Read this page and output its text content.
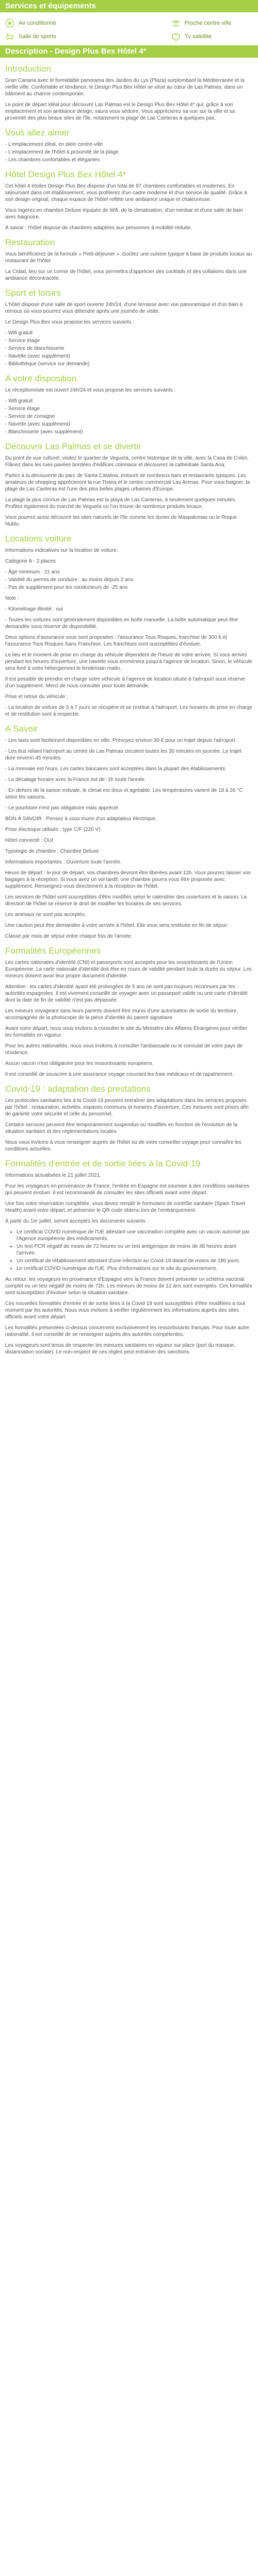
Services et équipements
Air conditionné	Proche centre ville
Salle de sports	Tv satellite
Description - Design Plus Bex Hôtel 4*
Introduction

Gran Canaria avec le formidable panorama des Jardins du Lys (Plaza) surplombant la Méditerranée et la vieille ville. Confortable et tendance, le Design Plus Bex Hôtel se situe au cœur de Las Palmas, dans un bâtiment au charme contemporain.

Le point de départ idéal pour découvrir Las Palmas est le Design Plus Bex Hôtel 4* qui, grâce à son emplacement et son ambiance design, saura vous séduire. Vous apprécierez sa vue sur la ville et sa proximité des plus beaux sites de l'île, notamment la plage de Las Canteras à quelques pas.

Vous allez aimer
- L'emplacement idéal, en plein centre-ville
- L'emplacement de l'hôtel à proximité de la plage
- Les chambres confortables et élégantes
Hôtel Design Plus Bex Hôtel 4*

Cet hôtel 4 étoiles Design Plus Bex dispose d'un total de 97 chambres confortables et modernes. En séjournant dans cet établissement, vous profiterez d'un cadre moderne et d'un service de qualité. Grâce à son design original, chaque espace de l'hôtel reflète une ambiance unique et chaleureuse.

Vous logerez en chambre Deluxe équipée de Wifi, de la climatisation, d'un minibar et d'une salle de bain avec baignoire.

À savoir : l'hôtel dispose de chambres adaptées aux personnes à mobilité réduite.

Restauration

Vous bénéficierez de la formule « Petit-déjeuner ». Goûtez une cuisine typique à base de produits locaux au restaurant de l'hôtel.

La Cidad, lieu sur un corner de l'hôtel, vous permettra d'apprécier des cocktails et des collations dans une ambiance décontractée.

Sport et loisirs

L'hôtel dispose d'une salle de sport ouverte 24h/24, d'une terrasse avec vue panoramique et d'un bain à remous où vous pourrez vous détendre après une journée de visite.

Le Design Plus Bex vous propose les services suivants :

- Wifi gratuit
- Service étage
- Service de blanchisserie
- Navette (avec supplément)
- Bibliothèque (service sur demande)
A votre disposition

Le réceptionniste est ouvert 24h/24 et vous propose les services suivants :

- Wifi gratuit
- Service étage
- Service de consigne
- Navette (avec supplément)
- Blanchisserie (avec supplément)
Découvrir Las Palmas et se divertir

Du point de vue culturel, visitez le quartier de Vegueta, centre historique de la ville, avec la Casa de Colón. Flânez dans les rues pavées bordées d'édifices coloniaux et découvrez la cathédrale Santa Ana.

Partez à la découverte du parc de Santa Catalina, entouré de nombreux bars et restaurants typiques. Les amateurs de shopping apprécieront la rue Triana et le centre commercial Las Arenas. Pour vous baigner, la plage de Las Canteras est l'une des plus belles plages urbaines d'Europe.

La plage la plus connue de Las Palmas est la playa de Las Canteras, à seulement quelques minutes. Profitez également du marché de Vegueta où l'on trouve de nombreux produits locaux.

Vous pourrez aussi découvrir les sites naturels de l'île comme les dunes de Maspalomas ou le Roque Nublo.

Locations voiture

Informations indicatives sur la location de voiture.

Catégorie A - 2 places

- Âge minimum : 21 ans
- Validité du permis de conduire : au moins depuis 2 ans
- Pas de supplément pour les conducteurs de -25 ans

Note :

- Kilométrage illimité : oui

- Toutes les voitures sont généralement disponibles en boîte manuelle. La boîte automatique peut être demandée sous réserve de disponibilité.

Deux options d'assurance vous sont proposées : l'assurance Tous Risques, franchise de 300 € et l'assurance Tous Risques Sans Franchise. Les franchises sont susceptibles d'évoluer.

Le lieu et le moment de prise en charge du véhicule dépendent de l'heure de votre arrivée. Si vous arrivez pendant les heures d'ouverture, une navette vous emmènera jusqu'à l'agence de location. Sinon, le véhicule sera livré à votre hébergement le lendemain matin.

Il est possible de prendre en charge votre véhicule à l'agence de location située à l'aéroport sous réserve d'un supplément. Merci de nous consulter pour toute demande.

Prise et retour du véhicule :

- La location de voiture de 5 à 7 jours se récupère et se restitue à l'aéroport. Les horaires de prise en charge et de restitution sont à respecter.

A Savoir

- Les taxis sont facilement disponibles en ville. Prévoyez environ 30 € pour un trajet depuis l'aéroport.

- Les bus reliant l'aéroport au centre de Las Palmas circulent toutes les 30 minutes en journée. Le trajet dure environ 45 minutes.

- La monnaie est l'euro. Les cartes bancaires sont acceptées dans la plupart des établissements.

- Le décalage horaire avec la France est de -1h toute l'année.

- En dehors de la saison estivale, le climat est doux et agréable. Les températures varient de 18 à 26 °C selon les saisons.

- Le pourboire n'est pas obligatoire mais apprécié.

BON À SAVOIR : Pensez à vous munir d'un adaptateur électrique.

Prise électrique utilisée : type C/F (220 V)

Hôtel connecté : OUI

Typologie de chambre : Chambre Deluxe

Informations importantes : Ouverture toute l'année.

Heure de départ : le jour de départ, vos chambres devront être libérées avant 12h. Vous pourrez laisser vos bagages à la réception. Si vous avez un vol tardif, une chambre pourra vous être proposée avec supplément. Renseignez-vous directement à la réception de l'hôtel.

Les services de l'hôtel sont susceptibles d'être modifiés selon le calendrier des ouvertures et la saison. La direction de l'hôtel se réserve le droit de modifier les horaires de ses services.

Les animaux ne sont pas acceptés.

Une caution peut être demandée à votre arrivée à l'hôtel. Elle vous sera restituée en fin de séjour.

Classé par mois de séjour entre chaque fois de l'année.

Formalités Européennes

Les cartes nationales d'identité (CNI) et passeports sont acceptés pour les ressortissants de l'Union Européenne. La carte nationale d'identité doit être en cours de validité pendant toute la durée du séjour. Les mineurs doivent avoir leur propre document d'identité.

Attention : les cartes d'identité ayant été prolongées de 5 ans ne sont pas toujours reconnues par les autorités espagnoles. Il est vivement conseillé de voyager avec un passeport valide ou une carte d'identité dont la date de fin de validité n'est pas dépassée.

Les mineurs voyageant sans leurs parents doivent être munis d'une autorisation de sortie du territoire, accompagnée de la photocopie de la pièce d'identité du parent signataire.

Avant votre départ, nous vous invitons à consulter le site du Ministère des Affaires Étrangères pour vérifier les formalités en vigueur.

Pour les autres nationalités, nous vous invitons à consulter l'ambassade ou le consulat de votre pays de résidence.

Aucun vaccin n'est obligatoire pour les ressortissants européens.

Il est conseillé de souscrire à une assurance voyage couvrant les frais médicaux et de rapatriement.

Covid-19 : adaptation des prestations

Les protocoles sanitaires liés à la Covid-19 peuvent entraîner des adaptations dans les services proposés par l'hôtel : restauration, activités, espaces communs et horaires d'ouverture. Ces mesures sont prises afin de garantir votre sécurité et celle du personnel.

Certains services peuvent être temporairement suspendus ou modifiés en fonction de l'évolution de la situation sanitaire et des réglementations locales.

Nous vous invitons à vous renseigner auprès de l'hôtel ou de votre conseiller voyage pour connaître les conditions actuelles.

Formalités d'entrée et de sortie liées à la Covid-19

Informations actualisées le 21 juillet 2021.

Pour les voyageurs en provenance de France, l'entrée en Espagne est soumise à des conditions sanitaires qui peuvent évoluer. Il est recommandé de consulter les sites officiels avant votre départ.

Une fois votre réservation complétée, vous devez remplir le formulaire de contrôle sanitaire (Spain Travel Health) avant votre départ, et présenter le QR code obtenu lors de l'embarquement.

À partir du 1er juillet, seront acceptés les documents suivants :

• Le certificat COVID numérique de l'UE attestant une vaccination complète avec un vaccin autorisé par l'Agence européenne des médicaments.
• Un test PCR négatif de moins de 72 heures ou un test antigénique de moins de 48 heures avant l'arrivée.
• Un certificat de rétablissement attestant d'une infection au Covid-19 datant de moins de 180 jours.
• Le certificat COVID numérique de l'UE. Plus d'informations sur le site du gouvernement.

Au retour, les voyageurs en provenance d'Espagne vers la France doivent présenter un schéma vaccinal complet ou un test négatif de moins de 72h. Les mineurs de moins de 12 ans sont exemptés. Ces formalités sont susceptibles d'évoluer selon la situation sanitaire.

Ces nouvelles formalités d'entrée et de sortie liées à la Covid-19 sont susceptibles d'être modifiées à tout moment par les autorités. Nous vous invitons à vérifier régulièrement les informations auprès des sites officiels avant votre départ.

Les formalités présentées ci-dessus concernent exclusivement les ressortissants français. Pour toute autre nationalité, il est conseillé de se renseigner auprès des autorités compétentes.

Les voyageurs sont tenus de respecter les mesures sanitaires en vigueur sur place (port du masque, distanciation sociale). Le non-respect de ces règles peut entraîner des sanctions.
